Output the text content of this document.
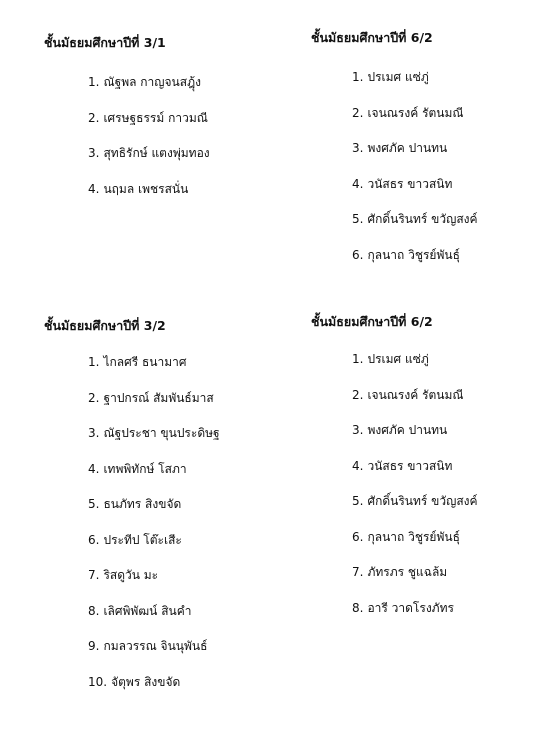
ชั้นมัธยมศึกษาปีที่ 3/1

1. ณัฐพล กาญจนสฎุ้ง
2. เศรษฐธรรม์ กาวมณี
3. สุทธิรักษ์ แตงพุ่มทอง
4. นฤมล เพชรสนั่น

ชั้นมัธยมศึกษาปีที่ 6/2

1. ปรเมศ แซ่ภู่
2. เจนณรงค์ รัตนมณี
3. พงศภัค ปานทน
4. วนัสธร ขาวสนิท
5. ศักดิ์นรินทร์ ขวัญสงค์
6. กุลนาถ วิชูรย์พันธุ์

ชั้นมัธยมศึกษาปีที่ 3/2

1. ไกลศรี ธนามาศ
2. ฐาปกรณ์ สัมพันธ์มาส
3. ณัฐประชา ขุนประดิษฐ
4. เทพพิทักษ์ โสภา
5. ธนภัทร สิงขจัด
6. ประทีป โต๊ะเสีะ
7. ริสดูวัน มะ
8. เลิศพิพัฒน์ สินคำ
9. กมลวรรณ จินนุพันธ์
10. จัตุพร สิงขจัด

ชั้นมัธยมศึกษาปีที่ 6/2

1. ปรเมศ แซ่ภู่
2. เจนณรงค์ รัตนมณี
3. พงศภัค ปานทน
4. วนัสธร ขาวสนิท
5. ศักดิ์นรินทร์ ขวัญสงค์
6. กุลนาถ วิชูรย์พันธุ์
7. ภัทรภร ชูแฉล้ม
8. อารี วาดโรงภัทร
